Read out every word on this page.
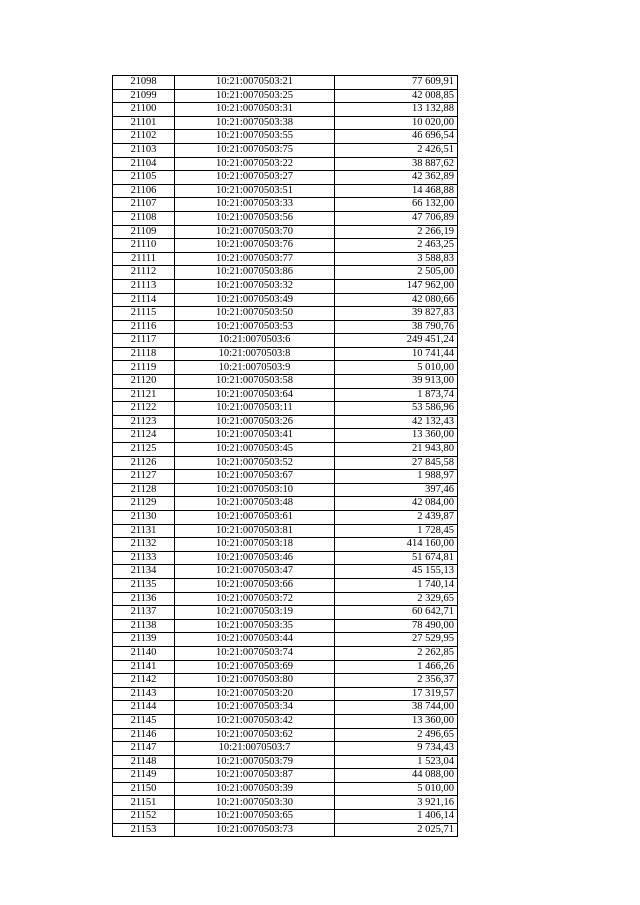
21098	10:21:0070503:21	77 609,91
21099	10:21:0070503:25	42 008,85
21100	10:21:0070503:31	13 132,88
21101	10:21:0070503:38	10 020,00
21102	10:21:0070503:55	46 696,54
21103	10:21:0070503:75	2 426,51
21104	10:21:0070503:22	38 887,62
21105	10:21:0070503:27	42 362,89
21106	10:21:0070503:51	14 468,88
21107	10:21:0070503:33	66 132,00
21108	10:21:0070503:56	47 706,89
21109	10:21:0070503:70	2 266,19
21110	10:21:0070503:76	2 463,25
21111	10:21:0070503:77	3 588,83
21112	10:21:0070503:86	2 505,00
21113	10:21:0070503:32	147 962,00
21114	10:21:0070503:49	42 080,66
21115	10:21:0070503:50	39 827,83
21116	10:21:0070503:53	38 790,76
21117	10:21:0070503:6	249 451,24
21118	10:21:0070503:8	10 741,44
21119	10:21:0070503:9	5 010,00
21120	10:21:0070503:58	39 913,00
21121	10:21:0070503:64	1 873,74
21122	10:21:0070503:11	53 586,96
21123	10:21:0070503:26	42 132,43
21124	10:21:0070503:41	13 360,00
21125	10:21:0070503:45	21 943,80
21126	10:21:0070503:52	27 845,58
21127	10:21:0070503:67	1 988,97
21128	10:21:0070503:10	397,46
21129	10:21:0070503:48	42 084,00
21130	10:21:0070503:61	2 439,87
21131	10:21:0070503:81	1 728,45
21132	10:21:0070503:18	414 160,00
21133	10:21:0070503:46	51 674,81
21134	10:21:0070503:47	45 155,13
21135	10:21:0070503:66	1 740,14
21136	10:21:0070503:72	2 329,65
21137	10:21:0070503:19	60 642,71
21138	10:21:0070503:35	78 490,00
21139	10:21:0070503:44	27 529,95
21140	10:21:0070503:74	2 262,85
21141	10:21:0070503:69	1 466,26
21142	10:21:0070503:80	2 356,37
21143	10:21:0070503:20	17 319,57
21144	10:21:0070503:34	38 744,00
21145	10:21:0070503:42	13 360,00
21146	10:21:0070503:62	2 496,65
21147	10:21:0070503:7	9 734,43
21148	10:21:0070503:79	1 523,04
21149	10:21:0070503:87	44 088,00
21150	10:21:0070503:39	5 010,00
21151	10:21:0070503:30	3 921,16
21152	10:21:0070503:65	1 406,14
21153	10:21:0070503:73	2 025,71
